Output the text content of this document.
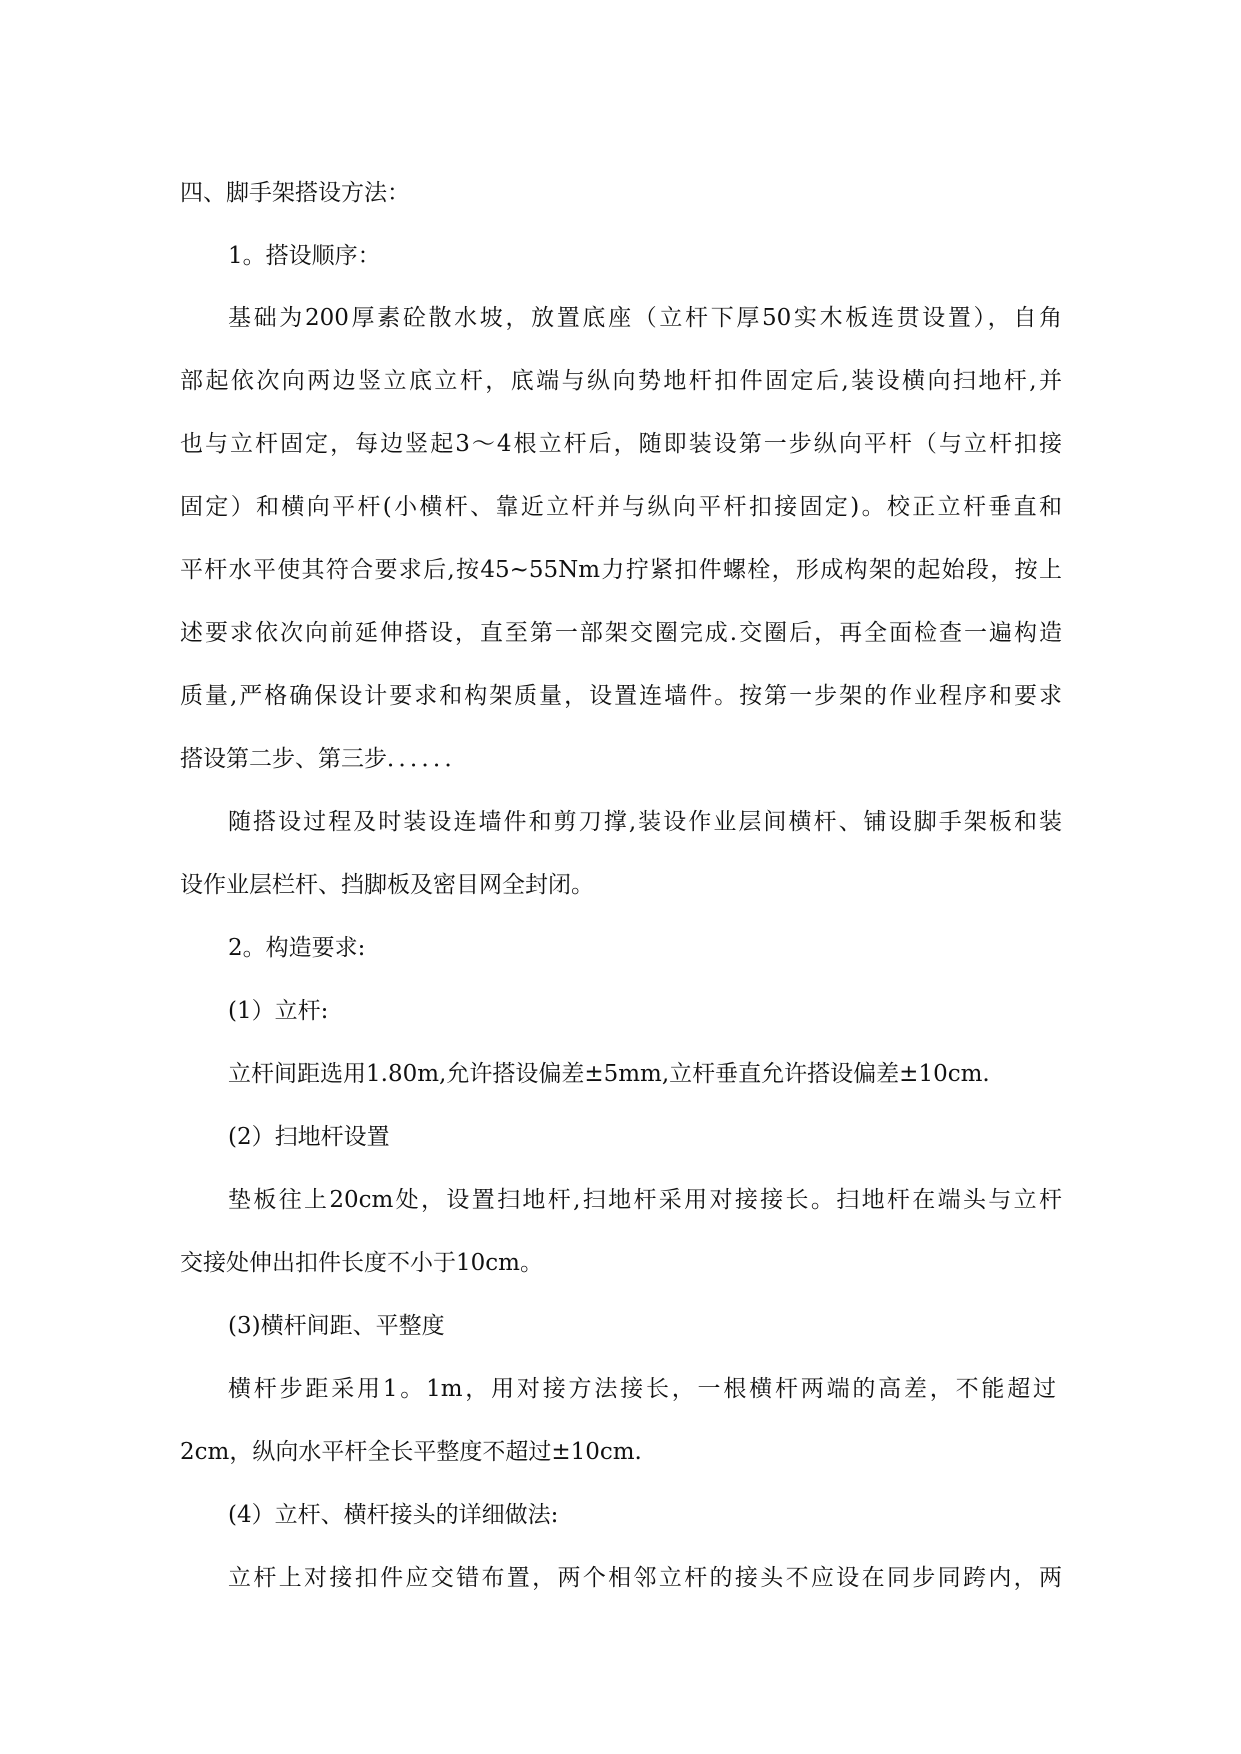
四、脚手架搭设方法：

1。搭设顺序：

基础为200厚素砼散水坡，放置底座（立杆下厚50实木板连贯设置），自角

部起依次向两边竖立底立杆，底端与纵向势地杆扣件固定后,装设横向扫地杆,并

也与立杆固定，每边竖起3～4根立杆后，随即装设第一步纵向平杆（与立杆扣接

固定）和横向平杆(小横杆、靠近立杆并与纵向平杆扣接固定)。校正立杆垂直和

平杆水平使其符合要求后,按45~55Nm力拧紧扣件螺栓，形成构架的起始段，按上

述要求依次向前延伸搭设，直至第一部架交圈完成.交圈后，再全面检查一遍构造

质量,严格确保设计要求和构架质量，设置连墙件。按第一步架的作业程序和要求

搭设第二步、第三步．．．．．．

随搭设过程及时装设连墙件和剪刀撑,装设作业层间横杆、铺设脚手架板和装

设作业层栏杆、挡脚板及密目网全封闭。

2。构造要求:

(1）立杆:

立杆间距选用1.80m,允许搭设偏差±5mm,立杆垂直允许搭设偏差±10cm.

(2）扫地杆设置

垫板往上20cm处，设置扫地杆,扫地杆采用对接接长。扫地杆在端头与立杆

交接处伸出扣件长度不小于10cm。

(3)横杆间距、平整度

横杆步距采用1。1m，用对接方法接长，一根横杆两端的高差，不能超过

2cm，纵向水平杆全长平整度不超过±10cm.

(4）立杆、横杆接头的详细做法:

立杆上对接扣件应交错布置，两个相邻立杆的接头不应设在同步同跨内，两
